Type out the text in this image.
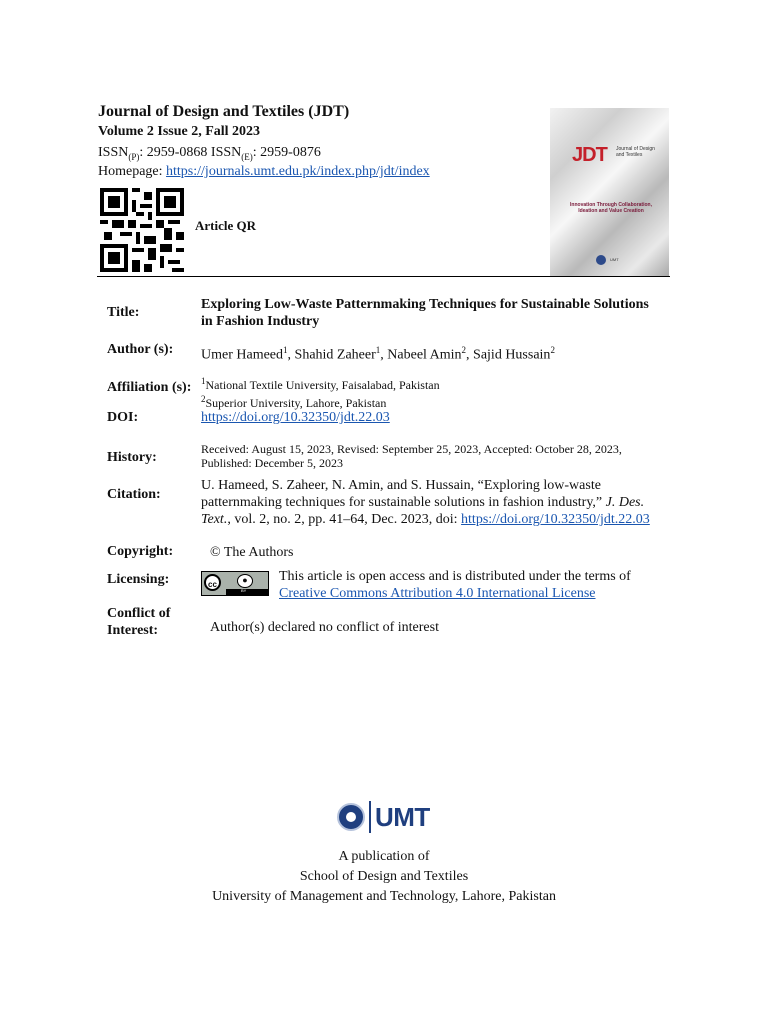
Journal of Design and Textiles (JDT)
Volume 2 Issue 2, Fall 2023
$ISSN_{(P)}$: 2959-0868 $ISSN_{(E)}$: 2959-0876
Homepage: https://journals.umt.edu.pk/index.php/jdt/index
Article QR
JDT Journal of Design and Textiles
Innovation Through Collaboration, Ideation and Value Creation
UMT
Title:
Exploring Low-Waste Patternmaking Techniques for Sustainable Solutions in Fashion Industry
Author (s): Umer Hameed$^1$, Shahid Zaheer$^1$, Nabeel Amin$^2$, Sajid Hussain$^2$
Affiliation (s): $^1$National Textile University, Faisalabad, Pakistan
$^2$Superior University, Lahore, Pakistan
DOI:	https://doi.org/10.32350/jdt.22.03
History:
Received: August 15, 2023, Revised: September 25, 2023, Accepted: October 28, 2023, Published: December 5, 2023
Citation:
U. Hameed, S. Zaheer, N. Amin, and S. Hussain, “Exploring low-waste patternmaking techniques for sustainable solutions in fashion industry,” J. Des. Text., vol. 2, no. 2, pp. 41–64, Dec. 2023, doi: https://doi.org/10.32350/jdt.22.03
Copyright:	© The Authors
Licensing:	cc	●
BY
This article is open access and is distributed under the terms of
Creative Commons Attribution 4.0 International License
Conflict of
Interest:	Author(s) declared no conflict of interest
UMT
A publication of
School of Design and Textiles
University of Management and Technology, Lahore, Pakistan
